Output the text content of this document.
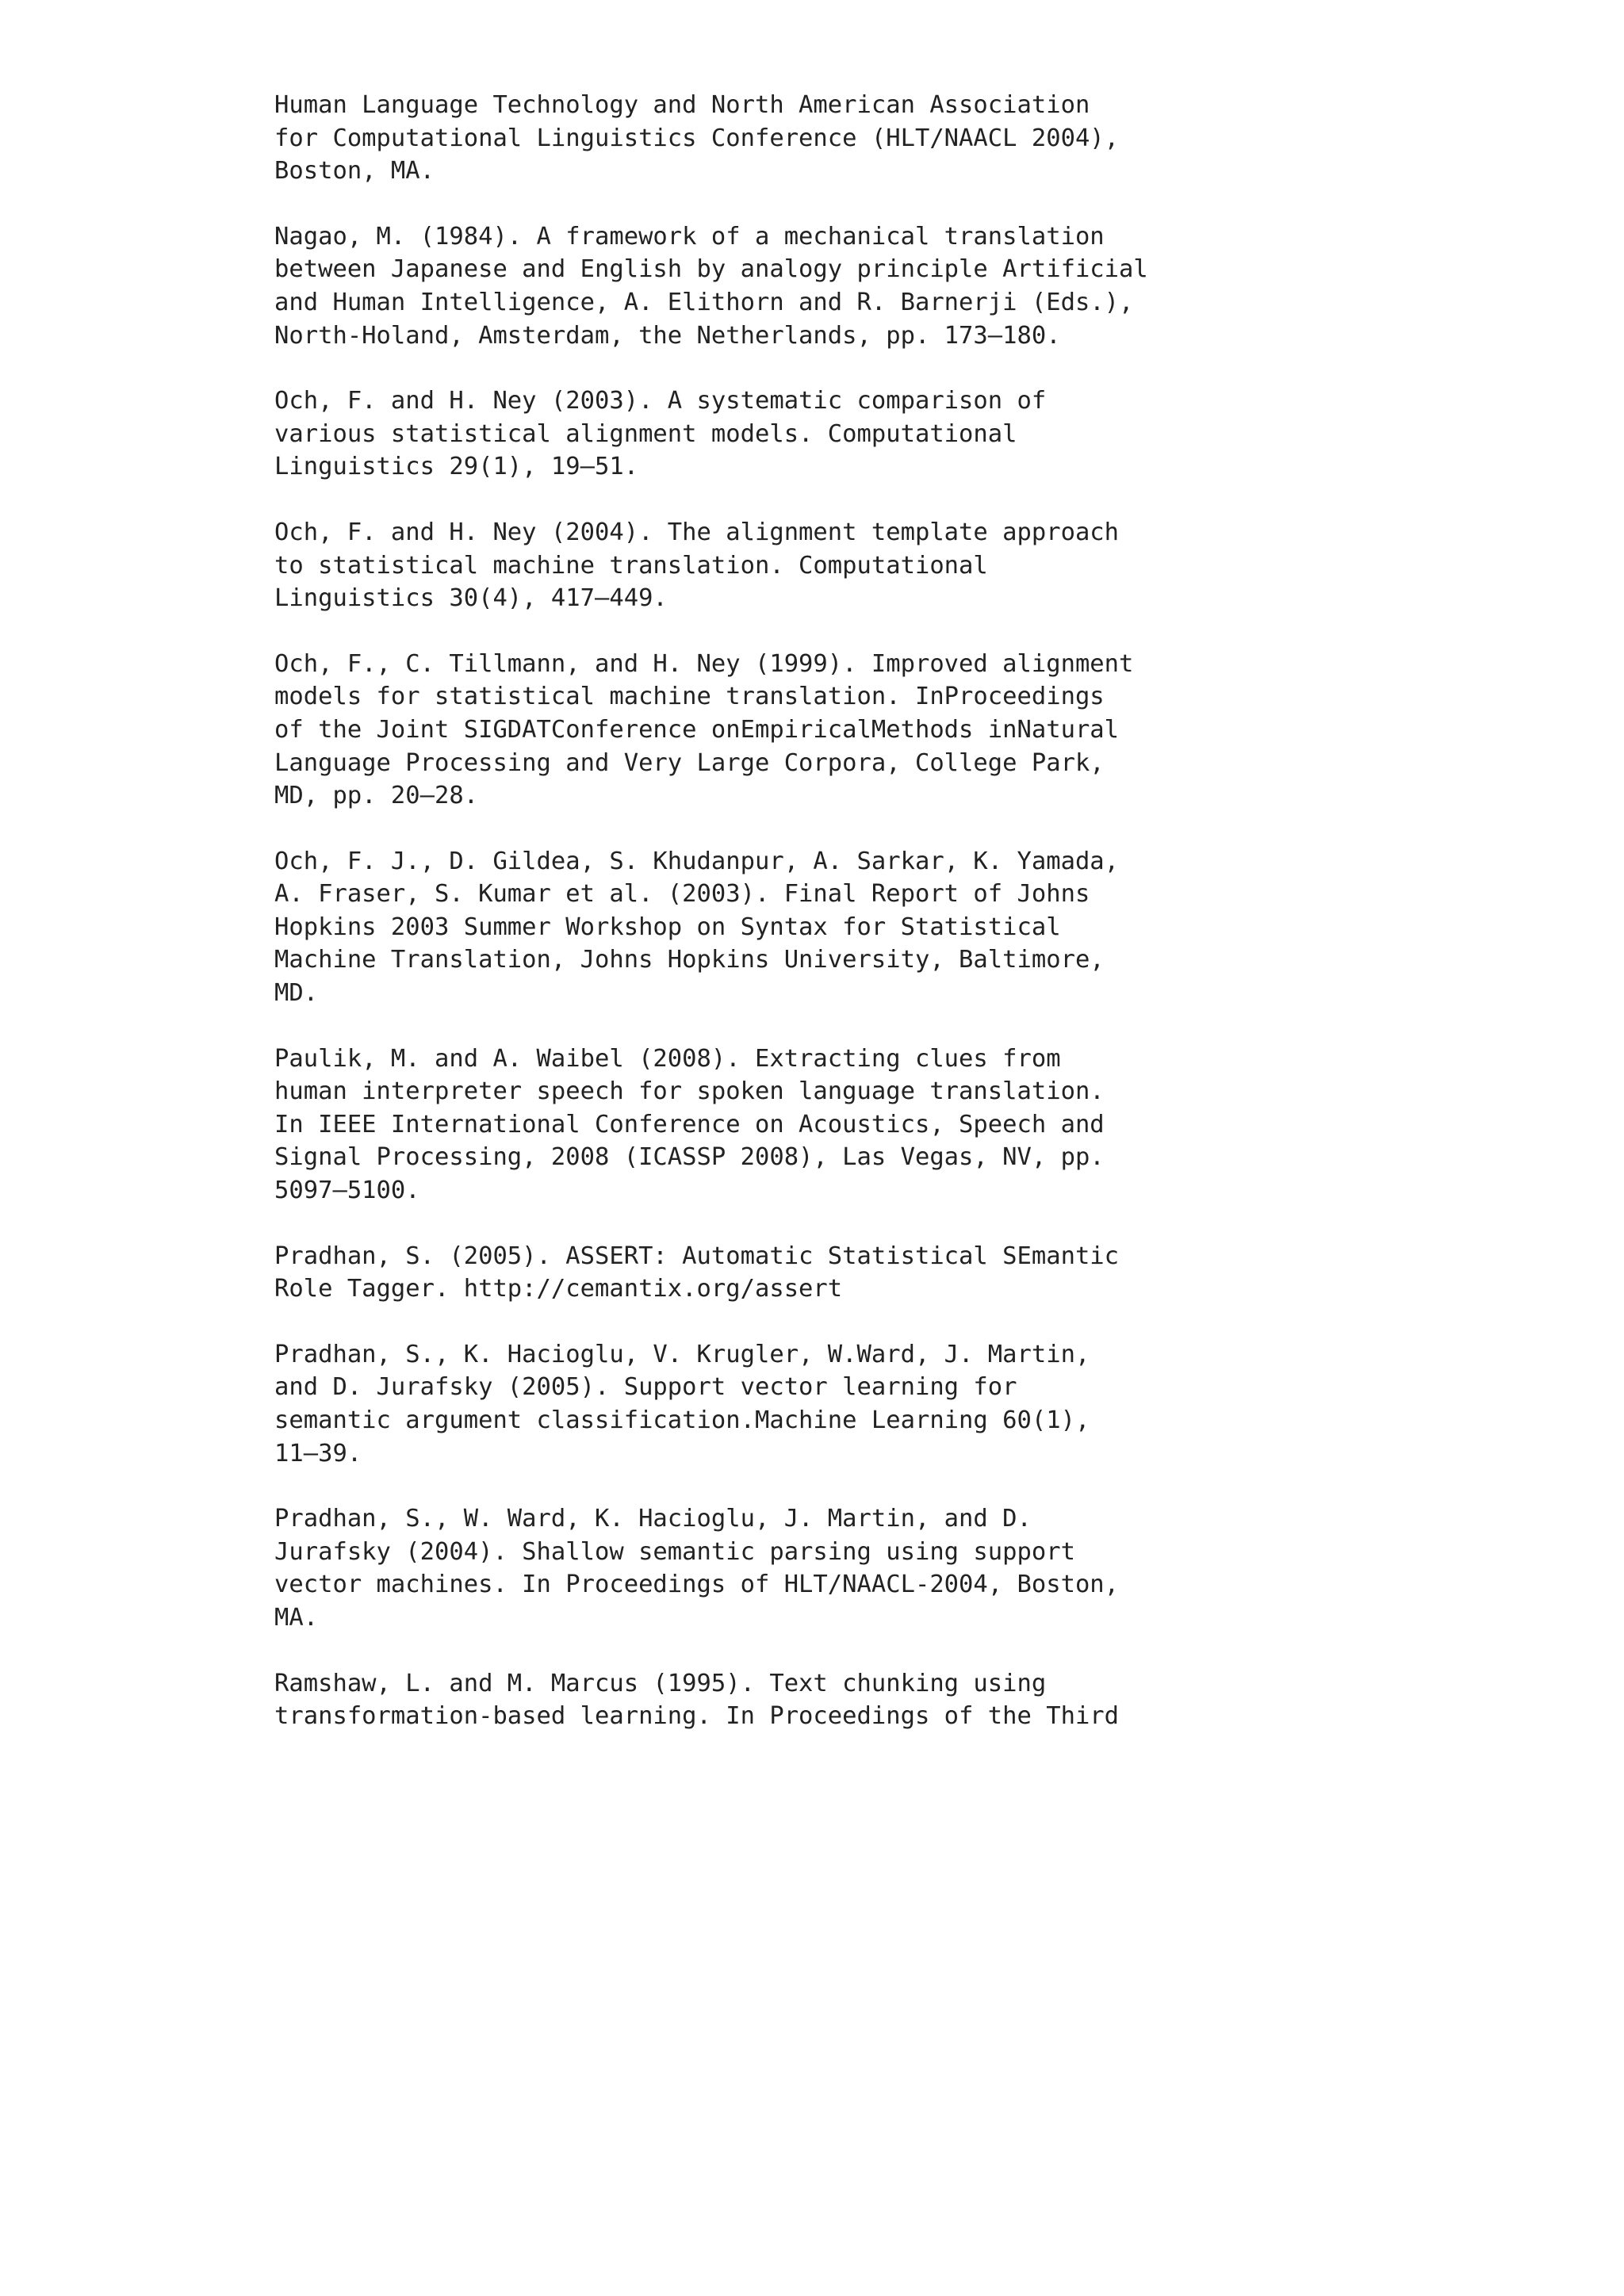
Human Language Technology and North American Association
for Computational Linguistics Conference (HLT/NAACL 2004),
Boston, MA.
Nagao, M. (1984). A framework of a mechanical translation
between Japanese and English by analogy principle Artificial
and Human Intelligence, A. Elithorn and R. Barnerji (Eds.),
North-Holand, Amsterdam, the Netherlands, pp. 173–180.
Och, F. and H. Ney (2003). A systematic comparison of
various statistical alignment models. Computational
Linguistics 29(1), 19–51.
Och, F. and H. Ney (2004). The alignment template approach
to statistical machine translation. Computational
Linguistics 30(4), 417–449.
Och, F., C. Tillmann, and H. Ney (1999). Improved alignment
models for statistical machine translation. InProceedings
of the Joint SIGDATConference onEmpiricalMethods inNatural
Language Processing and Very Large Corpora, College Park,
MD, pp. 20–28.
Och, F. J., D. Gildea, S. Khudanpur, A. Sarkar, K. Yamada,
A. Fraser, S. Kumar et al. (2003). Final Report of Johns
Hopkins 2003 Summer Workshop on Syntax for Statistical
Machine Translation, Johns Hopkins University, Baltimore,
MD.
Paulik, M. and A. Waibel (2008). Extracting clues from
human interpreter speech for spoken language translation.
In IEEE International Conference on Acoustics, Speech and
Signal Processing, 2008 (ICASSP 2008), Las Vegas, NV, pp.
5097–5100.
Pradhan, S. (2005). ASSERT: Automatic Statistical SEmantic
Role Tagger. http://cemantix.org/assert
Pradhan, S., K. Hacioglu, V. Krugler, W.Ward, J. Martin,
and D. Jurafsky (2005). Support vector learning for
semantic argument classification.Machine Learning 60(1),
11–39.
Pradhan, S., W. Ward, K. Hacioglu, J. Martin, and D.
Jurafsky (2004). Shallow semantic parsing using support
vector machines. In Proceedings of HLT/NAACL-2004, Boston,
MA.
Ramshaw, L. and M. Marcus (1995). Text chunking using
transformation-based learning. In Proceedings of the Third
